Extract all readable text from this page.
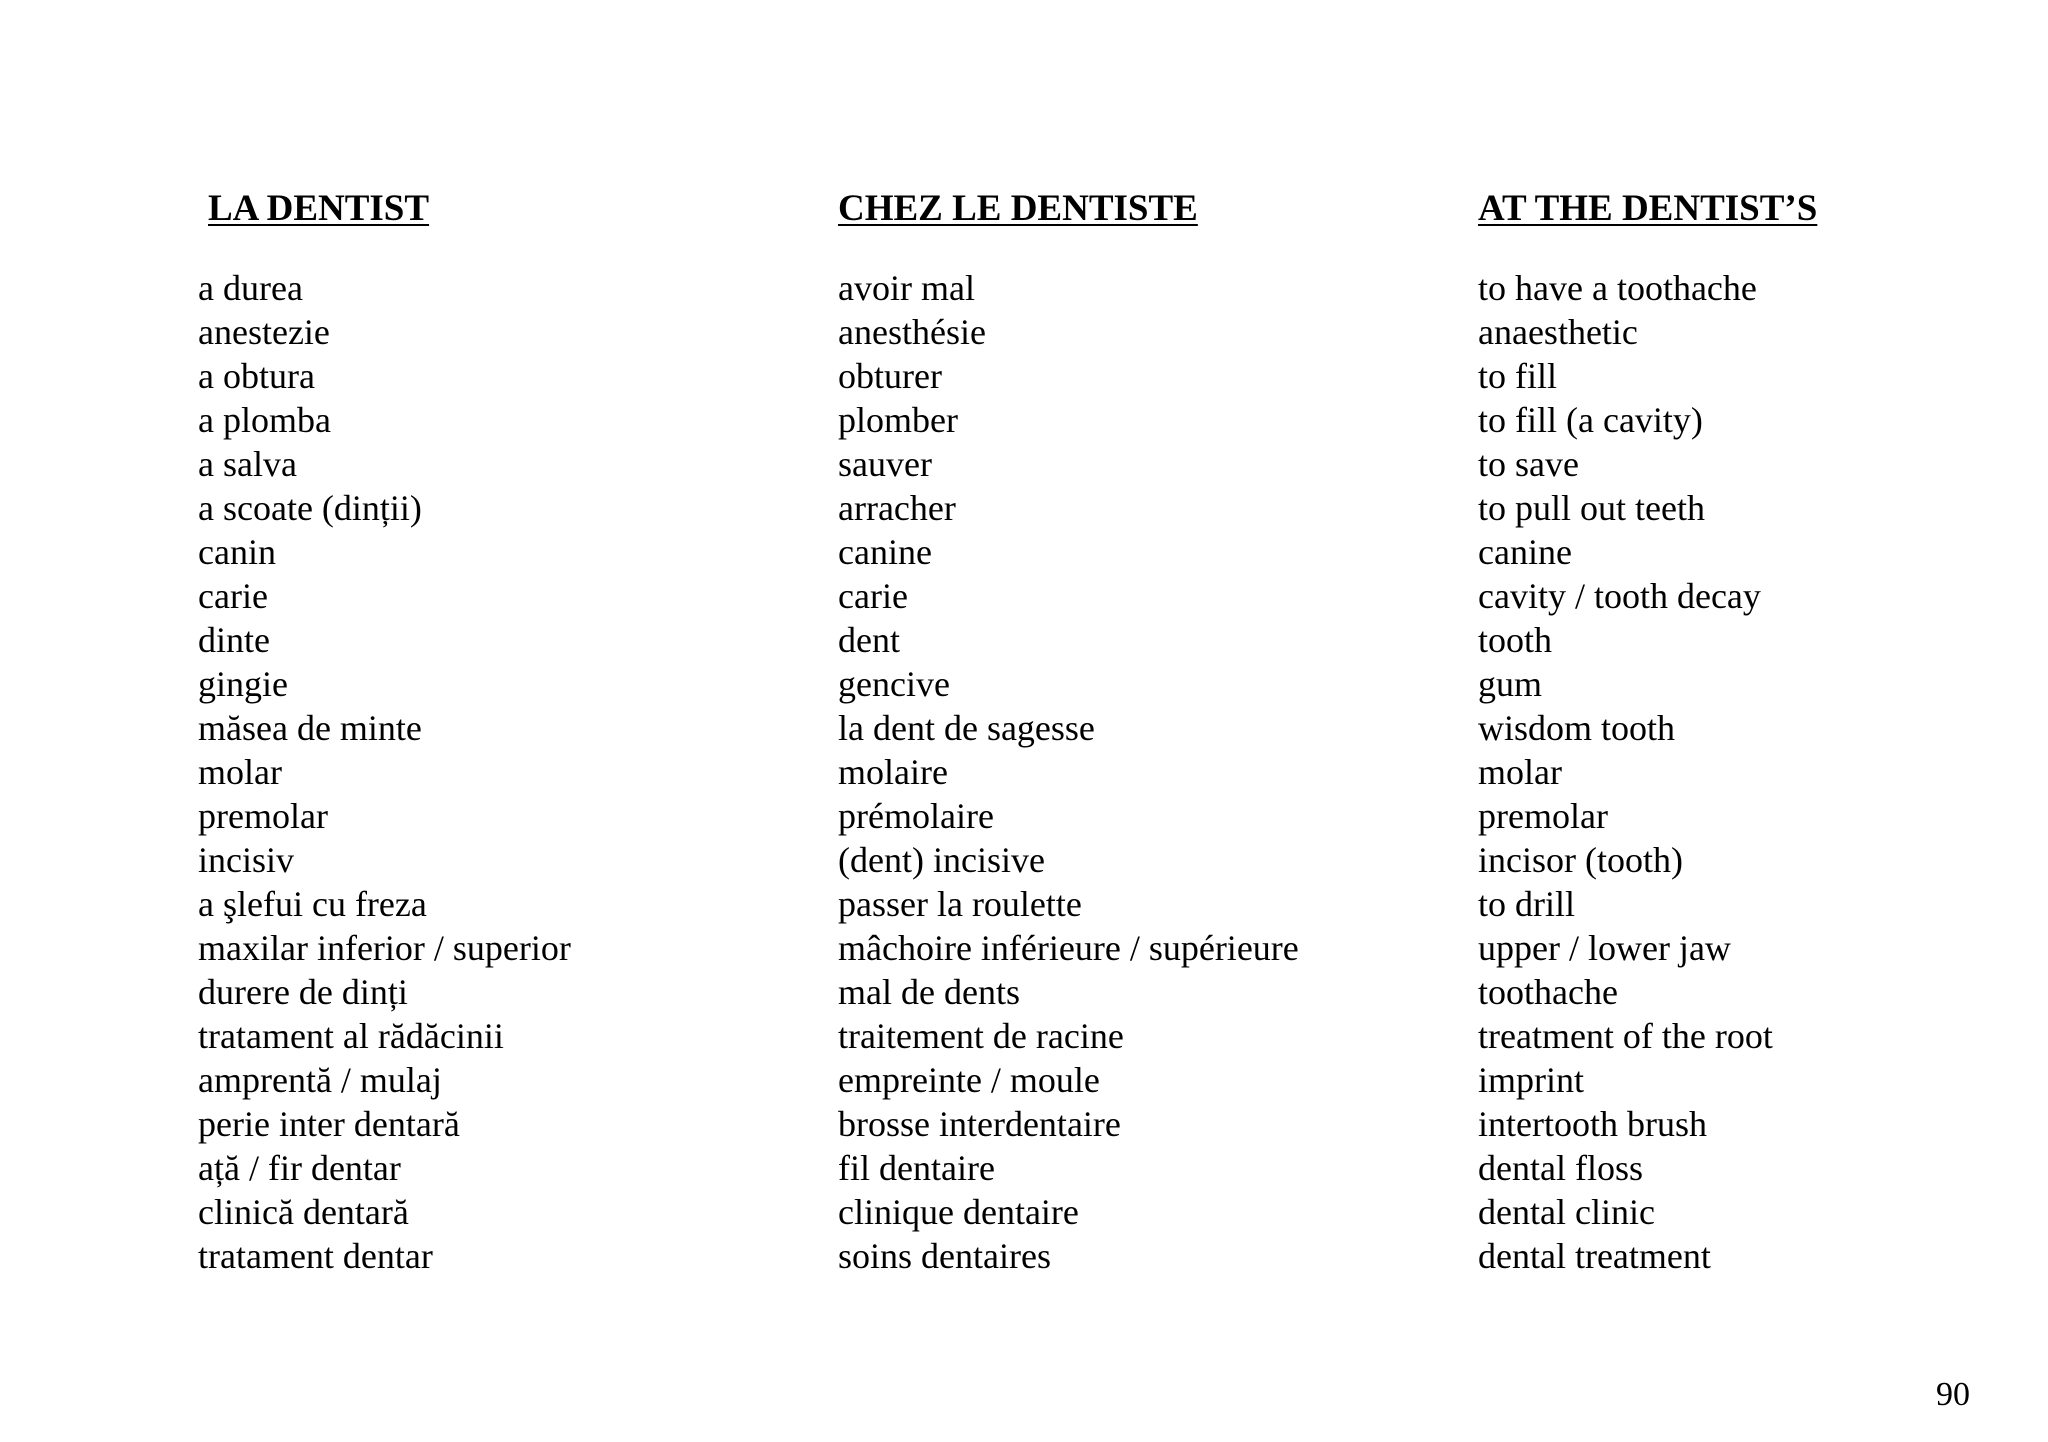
LA DENTIST
a durea
anestezie
a obtura
a plomba
a salva
a scoate (dinții)
canin
carie
dinte
gingie
măsea de minte
molar
premolar
incisiv
a şlefui cu freza
maxilar inferior / superior
durere de dinți
tratament al rădăcinii
amprentă / mulaj
perie inter dentară
ață / fir dentar
clinică dentară
tratament dentar
CHEZ LE DENTISTE
avoir mal
anesthésie
obturer
plomber
sauver
arracher
canine
carie
dent
gencive
la dent de sagesse
molaire
prémolaire
(dent) incisive
passer la roulette
mâchoire inférieure / supérieure
mal de dents
traitement de racine
empreinte / moule
brosse interdentaire
fil dentaire
clinique dentaire
soins dentaires
AT THE DENTIST’S
to have a toothache
anaesthetic
to fill
to fill (a cavity)
to save
to pull out teeth
canine
cavity / tooth decay
tooth
gum
wisdom tooth
molar
premolar
incisor (tooth)
to drill
upper / lower jaw
toothache
treatment of the root
imprint
intertooth brush
dental floss
dental clinic
dental treatment
90
